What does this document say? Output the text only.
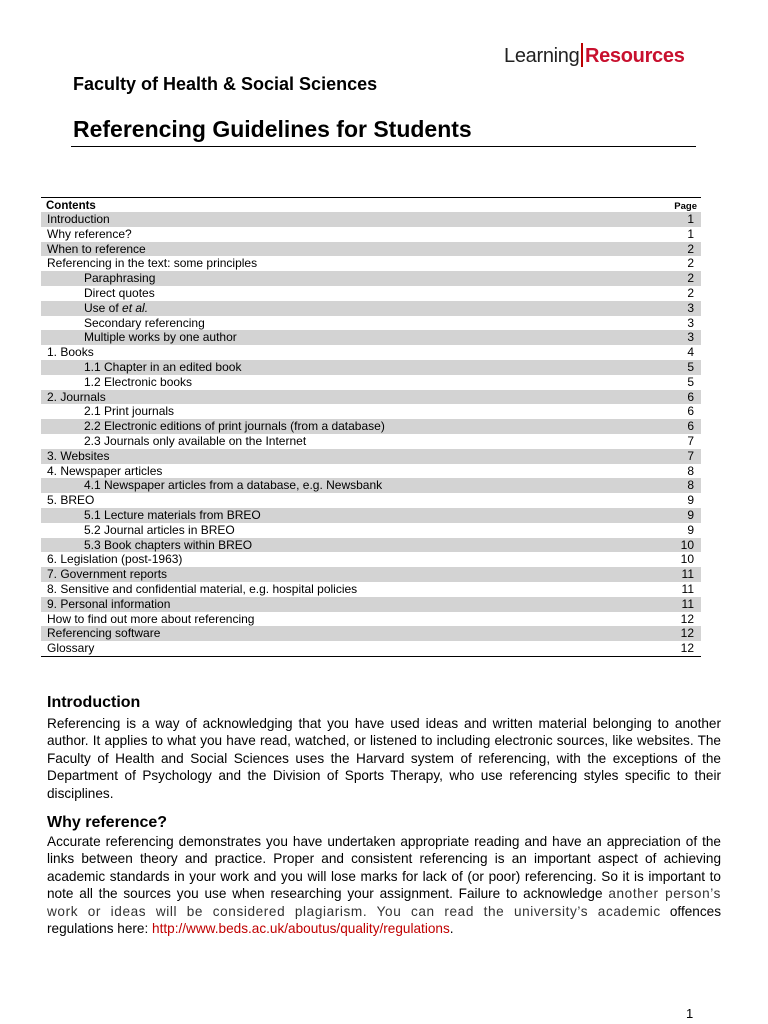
Learning Resources
Faculty of Health & Social Sciences
Referencing Guidelines for Students
Contents	Page
Introduction	1
Why reference?	1
When to reference	2
Referencing in the text: some principles	2
Paraphrasing	2
Direct quotes	2
Use of et al.	3
Secondary referencing	3
Multiple works by one author	3
1. Books	4
1.1 Chapter in an edited book	5
1.2 Electronic books	5
2. Journals	6
2.1 Print journals	6
2.2 Electronic editions of print journals (from a database)	6
2.3 Journals only available on the Internet	7
3. Websites	7
4. Newspaper articles	8
4.1 Newspaper articles from a database, e.g. Newsbank	8
5. BREO	9
5.1 Lecture materials from BREO	9
5.2 Journal articles in BREO	9
5.3 Book chapters within BREO	10
6. Legislation (post-1963)	10
7. Government reports	11
8. Sensitive and confidential material, e.g. hospital policies	11
9. Personal information	11
How to find out more about referencing	12
Referencing software	12
Glossary	12
Introduction
Referencing is a way of acknowledging that you have used ideas and written material belonging to another author. It applies to what you have read, watched, or listened to including electronic sources, like websites. The Faculty of Health and Social Sciences uses the Harvard system of referencing, with the exceptions of the Department of Psychology and the Division of Sports Therapy, who use referencing styles specific to their disciplines.
Why reference?
Accurate referencing demonstrates you have undertaken appropriate reading and have an appreciation of the links between theory and practice. Proper and consistent referencing is an important aspect of achieving academic standards in your work and you will lose marks for lack of (or poor) referencing. So it is important to note all the sources you use when researching your assignment. Failure to acknowledge another person’s work or ideas will be considered plagiarism. You can read the university’s academic offences regulations here: http://www.beds.ac.uk/aboutus/quality/regulations.
1
